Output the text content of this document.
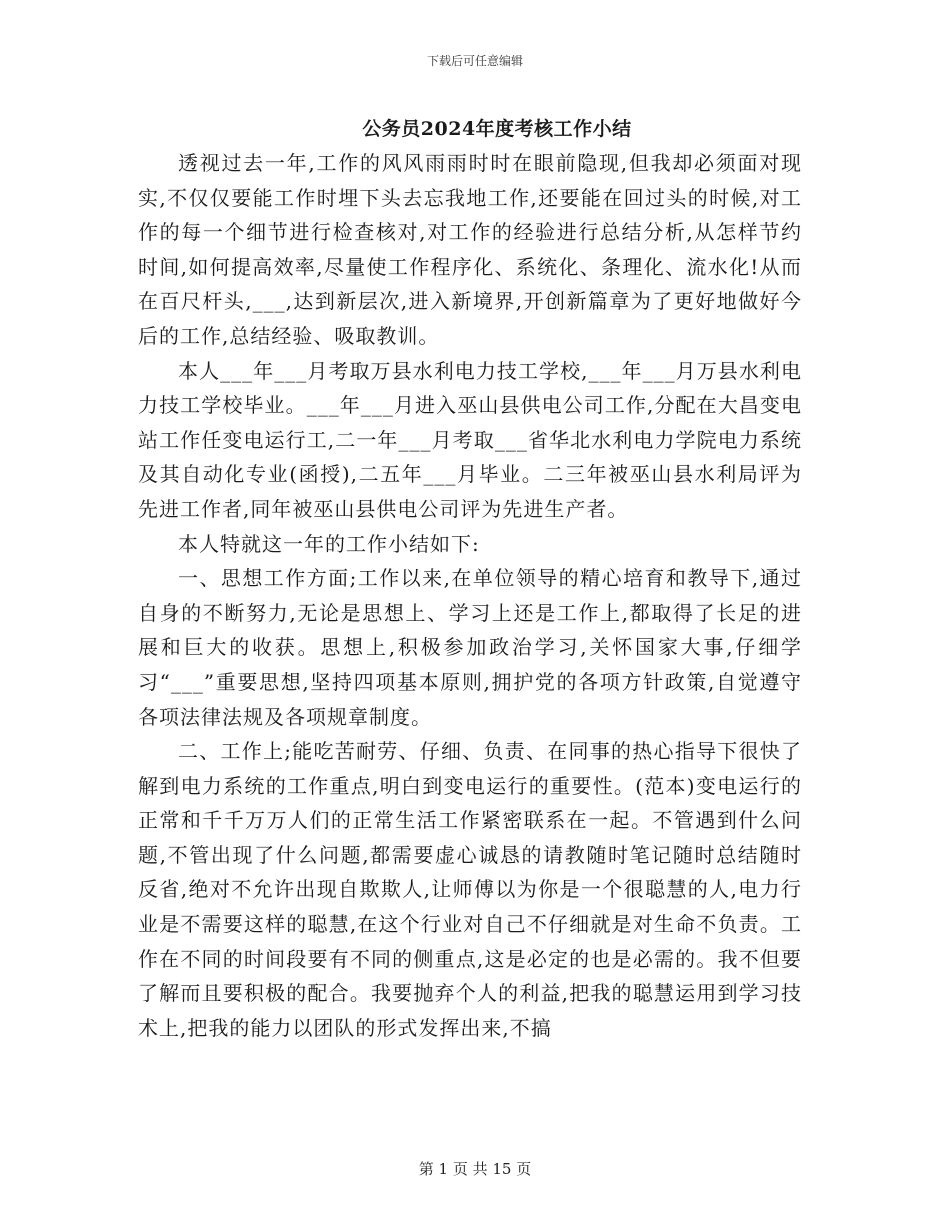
下载后可任意编辑
公务员2024年度考核工作小结

透视过去一年,工作的风风雨雨时时在眼前隐现,但我却必须面对现实,不仅仅要能工作时埋下头去忘我地工作,还要能在回过头的时候,对工作的每一个细节进行检查核对,对工作的经验进行总结分析,从怎样节约时间,如何提高效率,尽量使工作程序化、系统化、条理化、流水化!从而在百尺杆头,___,达到新层次,进入新境界,开创新篇章为了更好地做好今后的工作,总结经验、吸取教训。

本人___年___月考取万县水利电力技工学校,___年___月万县水利电力技工学校毕业。___年___月进入巫山县供电公司工作,分配在大昌变电站工作任变电运行工,二一年___月考取___省华北水利电力学院电力系统及其自动化专业(函授),二五年___月毕业。二三年被巫山县水利局评为先进工作者,同年被巫山县供电公司评为先进生产者。

本人特就这一年的工作小结如下:

一、思想工作方面;工作以来,在单位领导的精心培育和教导下,通过自身的不断努力,无论是思想上、学习上还是工作上,都取得了长足的进展和巨大的收获。思想上,积极参加政治学习,关怀国家大事,仔细学习“___”重要思想,坚持四项基本原则,拥护党的各项方针政策,自觉遵守各项法律法规及各项规章制度。

二、工作上;能吃苦耐劳、仔细、负责、在同事的热心指导下很快了解到电力系统的工作重点,明白到变电运行的重要性。(范本)变电运行的正常和千千万万人们的正常生活工作紧密联系在一起。不管遇到什么问题,不管出现了什么问题,都需要虚心诚恳的请教随时笔记随时总结随时反省,绝对不允许出现自欺欺人,让师傅以为你是一个很聪慧的人,电力行业是不需要这样的聪慧,在这个行业对自己不仔细就是对生命不负责。工作在不同的时间段要有不同的侧重点,这是必定的也是必需的。我不但要了解而且要积极的配合。我要抛弃个人的利益,把我的聪慧运用到学习技术上,把我的能力以团队的形式发挥出来,不搞

第 1 页 共 15 页
